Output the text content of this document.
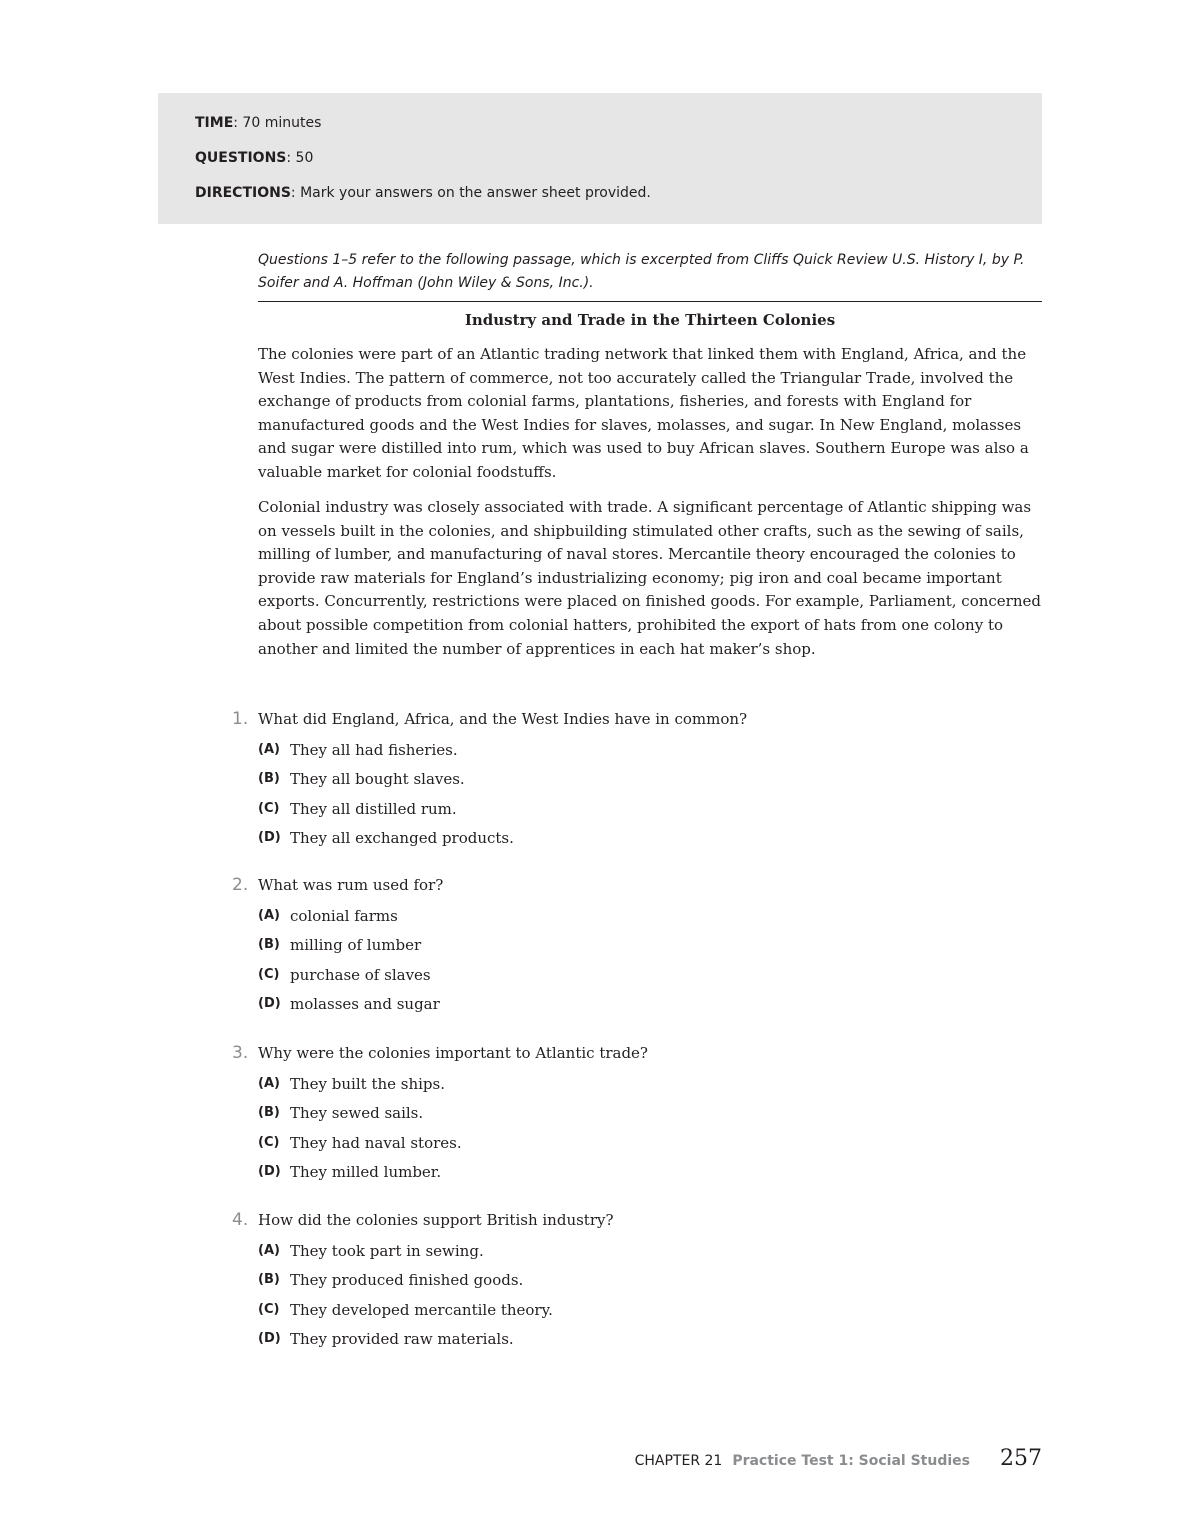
TIME: 70 minutes
QUESTIONS: 50
DIRECTIONS: Mark your answers on the answer sheet provided.
Questions 1–5 refer to the following passage, which is excerpted from Cliffs Quick Review U.S. History I, by P. Soifer and A. Hoffman (John Wiley & Sons, Inc.).
Industry and Trade in the Thirteen Colonies

The colonies were part of an Atlantic trading network that linked them with England, Africa, and the West Indies. The pattern of commerce, not too accurately called the Triangular Trade, involved the exchange of products from colonial farms, plantations, fisheries, and forests with England for manufactured goods and the West Indies for slaves, molasses, and sugar. In New England, molasses and sugar were distilled into rum, which was used to buy African slaves. Southern Europe was also a valuable market for colonial foodstuffs.

Colonial industry was closely associated with trade. A significant percentage of Atlantic shipping was on vessels built in the colonies, and shipbuilding stimulated other crafts, such as the sewing of sails, milling of lumber, and manufacturing of naval stores. Mercantile theory encouraged the colonies to provide raw materials for England’s industrializing economy; pig iron and coal became important exports. Concurrently, restrictions were placed on finished goods. For example, Parliament, concerned about possible competition from colonial hatters, prohibited the export of hats from one colony to another and limited the number of apprentices in each hat maker’s shop.

1. What did England, Africa, and the West Indies have in common?
(A) They all had fisheries.
(B) They all bought slaves.
(C) They all distilled rum.
(D) They all exchanged products.
2. What was rum used for?
(A) colonial farms
(B) milling of lumber
(C) purchase of slaves
(D) molasses and sugar
3. Why were the colonies important to Atlantic trade?
(A) They built the ships.
(B) They sewed sails.
(C) They had naval stores.
(D) They milled lumber.
4. How did the colonies support British industry?
(A) They took part in sewing.
(B) They produced finished goods.
(C) They developed mercantile theory.
(D) They provided raw materials.
CHAPTER 21 Practice Test 1: Social Studies 257
